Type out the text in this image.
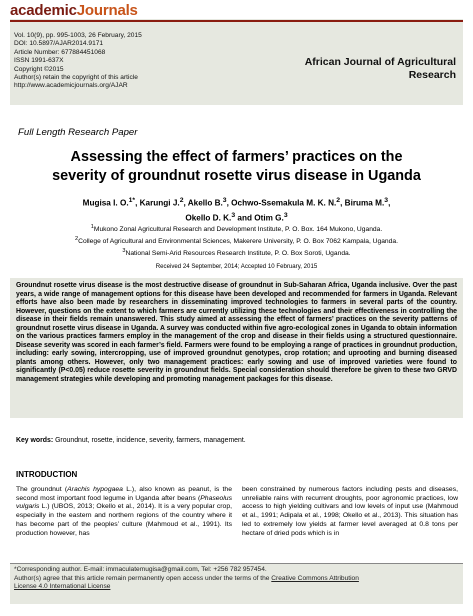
academicJournals
Vol. 10(9), pp. 995-1003, 26 February, 2015
DOI: 10.5897/AJAR2014.9171
Article Number: 677884451068
ISSN 1991-637X
Copyright ©2015
Author(s) retain the copyright of this article
http://www.academicjournals.org/AJAR
African Journal of Agricultural
Research
Full Length Research Paper
Assessing the effect of farmers’ practices on the
severity of groundnut rosette virus disease in Uganda
Mugisa I. O.$^{1*}$, Karungi J.$^2$, Akello B.$^3$, Ochwo-Ssemakula M. K. N.$^2$, Biruma M.$^3$,
Okello D. K.$^3$ and Otim G.$^3$
$^1$Mukono Zonal Agricultural Research and Development Institute, P. O. Box. 164 Mukono, Uganda.
$^2$College of Agricultural and Environmental Sciences, Makerere University, P. O. Box 7062 Kampala, Uganda.
$^3$National Semi-Arid Resources Research Institute, P. O. Box Soroti, Uganda.
Received 24 September, 2014; Accepted 10 February, 2015
Groundnut rosette virus disease is the most destructive disease of groundnut in Sub-Saharan Africa, Uganda inclusive. Over the past years, a wide range of management options for this disease have been developed and recommended for farmers in Uganda. Relevant efforts have also been made by researchers in disseminating improved technologies to farmers in several parts of the country. However, questions on the extent to which farmers are currently utilizing these technologies and their effectiveness in controlling the disease in their fields remain unanswered. This study aimed at assessing the effect of farmers’ practices on the severity patterns of groundnut rosette virus disease in Uganda. A survey was conducted within five agro-ecological zones in Uganda to obtain information on the various practices farmers employ in the management of the crop and disease in their fields using a structured questionnaire. Disease severity was scored in each farmer’s field. Farmers were found to be employing a range of practices in groundnut production, including: early sowing, intercropping, use of improved groundnut genotypes, crop rotation; and uprooting and burning diseased plants among others. However, only two management practices: early sowing and use of improved varieties were found to significantly (P<0.05) reduce rosette severity in groundnut fields. Special consideration should therefore be given to these two GRVD management strategies while developing and promoting management packages for this disease.
Key words: Groundnut, rosette, incidence, severity, farmers, management.
INTRODUCTION
The groundnut (Arachis hypogaea L.), also known as peanut, is the second most important food legume in Uganda after beans (Phaseolus vulgaris L.) (UBOS, 2013; Okello et al., 2014). It is a very popular crop, especially in the eastern and northern regions of the country where it has become part of the peoples’ culture (Mahmoud et al., 1991). Its production however, has
been constrained by numerous factors including pests and diseases, unreliable rains with recurrent droughts, poor agronomic practices, low access to high yielding cultivars and low levels of input use (Mahmoud et al., 1991; Adipala et al., 1998; Okello et al., 2013). This situation has led to extremely low yields at farmer level averaged at 0.8 tons per hectare of dried pods which is in
*Corresponding author. E-mail: immaculatemugisa@gmail.com, Tel: +256 782 957454.
Author(s) agree that this article remain permanently open access under the terms of the Creative Commons Attribution
License 4.0 International License
